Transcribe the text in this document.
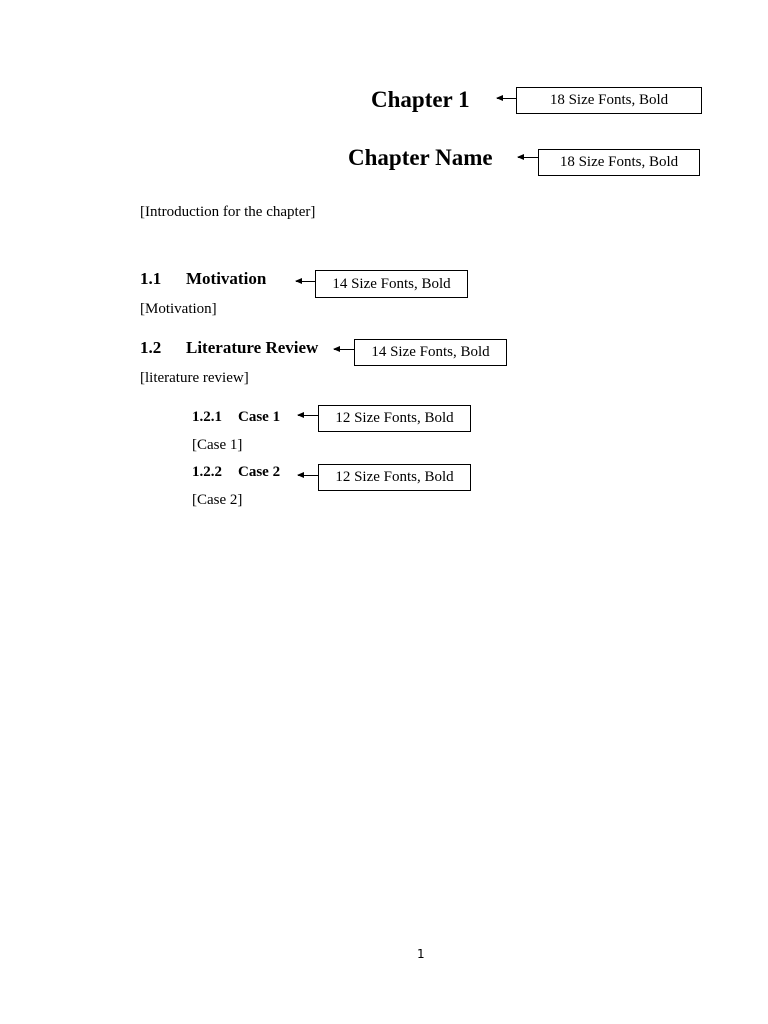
Chapter 1	18 Size Fonts, Bold
Chapter Name	18 Size Fonts, Bold
[Introduction for the chapter]
1.1 Motivation	14 Size Fonts, Bold
[Motivation]
1.2 Literature Review	14 Size Fonts, Bold
[literature review]
1.2.1 Case 1	12 Size Fonts, Bold
[Case 1]
1.2.2 Case 2	12 Size Fonts, Bold
[Case 2]
1
